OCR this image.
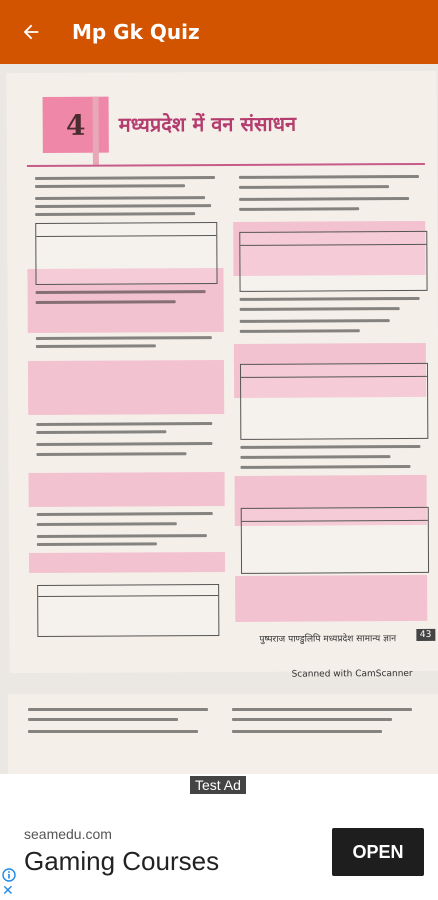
Mp Gk Quiz
4	मध्यप्रदेश में वन संसाधन
पुष्पराज पाण्डुलिपि मध्यप्रदेश सामान्य ज्ञान	43
Scanned with CamScanner
Test Ad
seamedu.com
Gaming Courses	OPEN
✕
